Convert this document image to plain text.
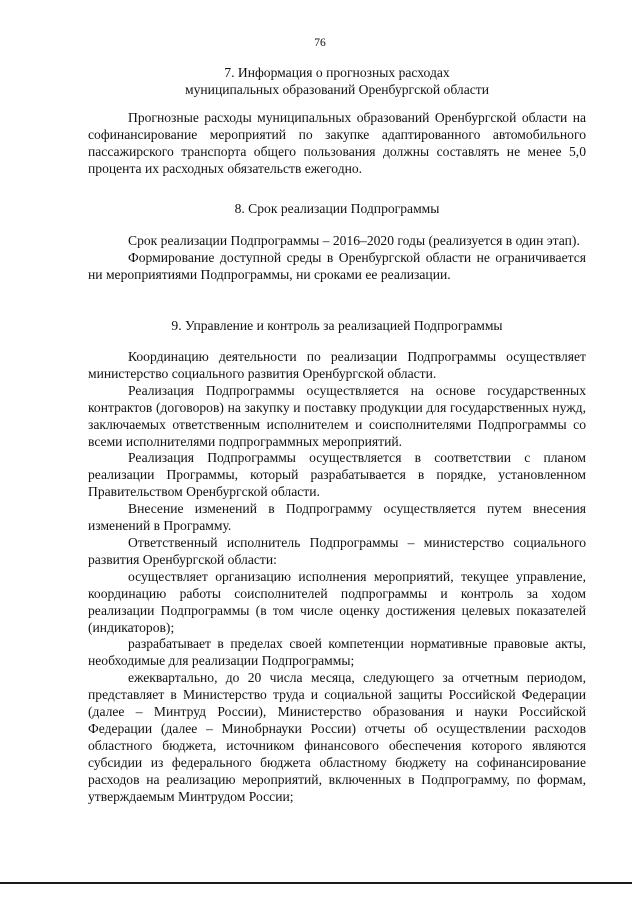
76

7. Информация о прогнозных расходах

муниципальных образований Оренбургской области

Прогнозные расходы муниципальных образований Оренбургской области на софинансирование мероприятий по закупке адаптированного автомобильного пассажирского транспорта общего пользования должны составлять не менее 5,0 процента их расходных обязательств ежегодно.

8. Срок реализации Подпрограммы

Срок реализации Подпрограммы – 2016–2020 годы (реализуется в один этап).

Формирование доступной среды в Оренбургской области не ограничивается ни мероприятиями Подпрограммы, ни сроками ее реализации.

9. Управление и контроль за реализацией Подпрограммы

Координацию деятельности по реализации Подпрограммы осуществляет министерство социального развития Оренбургской области.

Реализация Подпрограммы осуществляется на основе государственных контрактов (договоров) на закупку и поставку продукции для государственных нужд, заключаемых ответственным исполнителем и соисполнителями Подпрограммы со всеми исполнителями подпрограммных мероприятий.

Реализация Подпрограммы осуществляется в соответствии с планом реализации Программы, который разрабатывается в порядке, установленном Правительством Оренбургской области.

Внесение изменений в Подпрограмму осуществляется путем внесения изменений в Программу.

Ответственный исполнитель Подпрограммы – министерство социального развития Оренбургской области:

осуществляет организацию исполнения мероприятий, текущее управление, координацию работы соисполнителей подпрограммы и контроль за ходом реализации Подпрограммы (в том числе оценку достижения целевых показателей (индикаторов);

разрабатывает в пределах своей компетенции нормативные правовые акты, необходимые для реализации Подпрограммы;

ежеквартально, до 20 числа месяца, следующего за отчетным периодом, представляет в Министерство труда и социальной защиты Российской Федерации (далее – Минтруд России), Министерство образования и науки Российской Федерации (далее – Минобрнауки России) отчеты об осуществлении расходов областного бюджета, источником финансового обеспечения которого являются субсидии из федерального бюджета областному бюджету на софинансирование расходов на реализацию мероприятий, включенных в Подпрограмму, по формам, утверждаемым Минтрудом России;
